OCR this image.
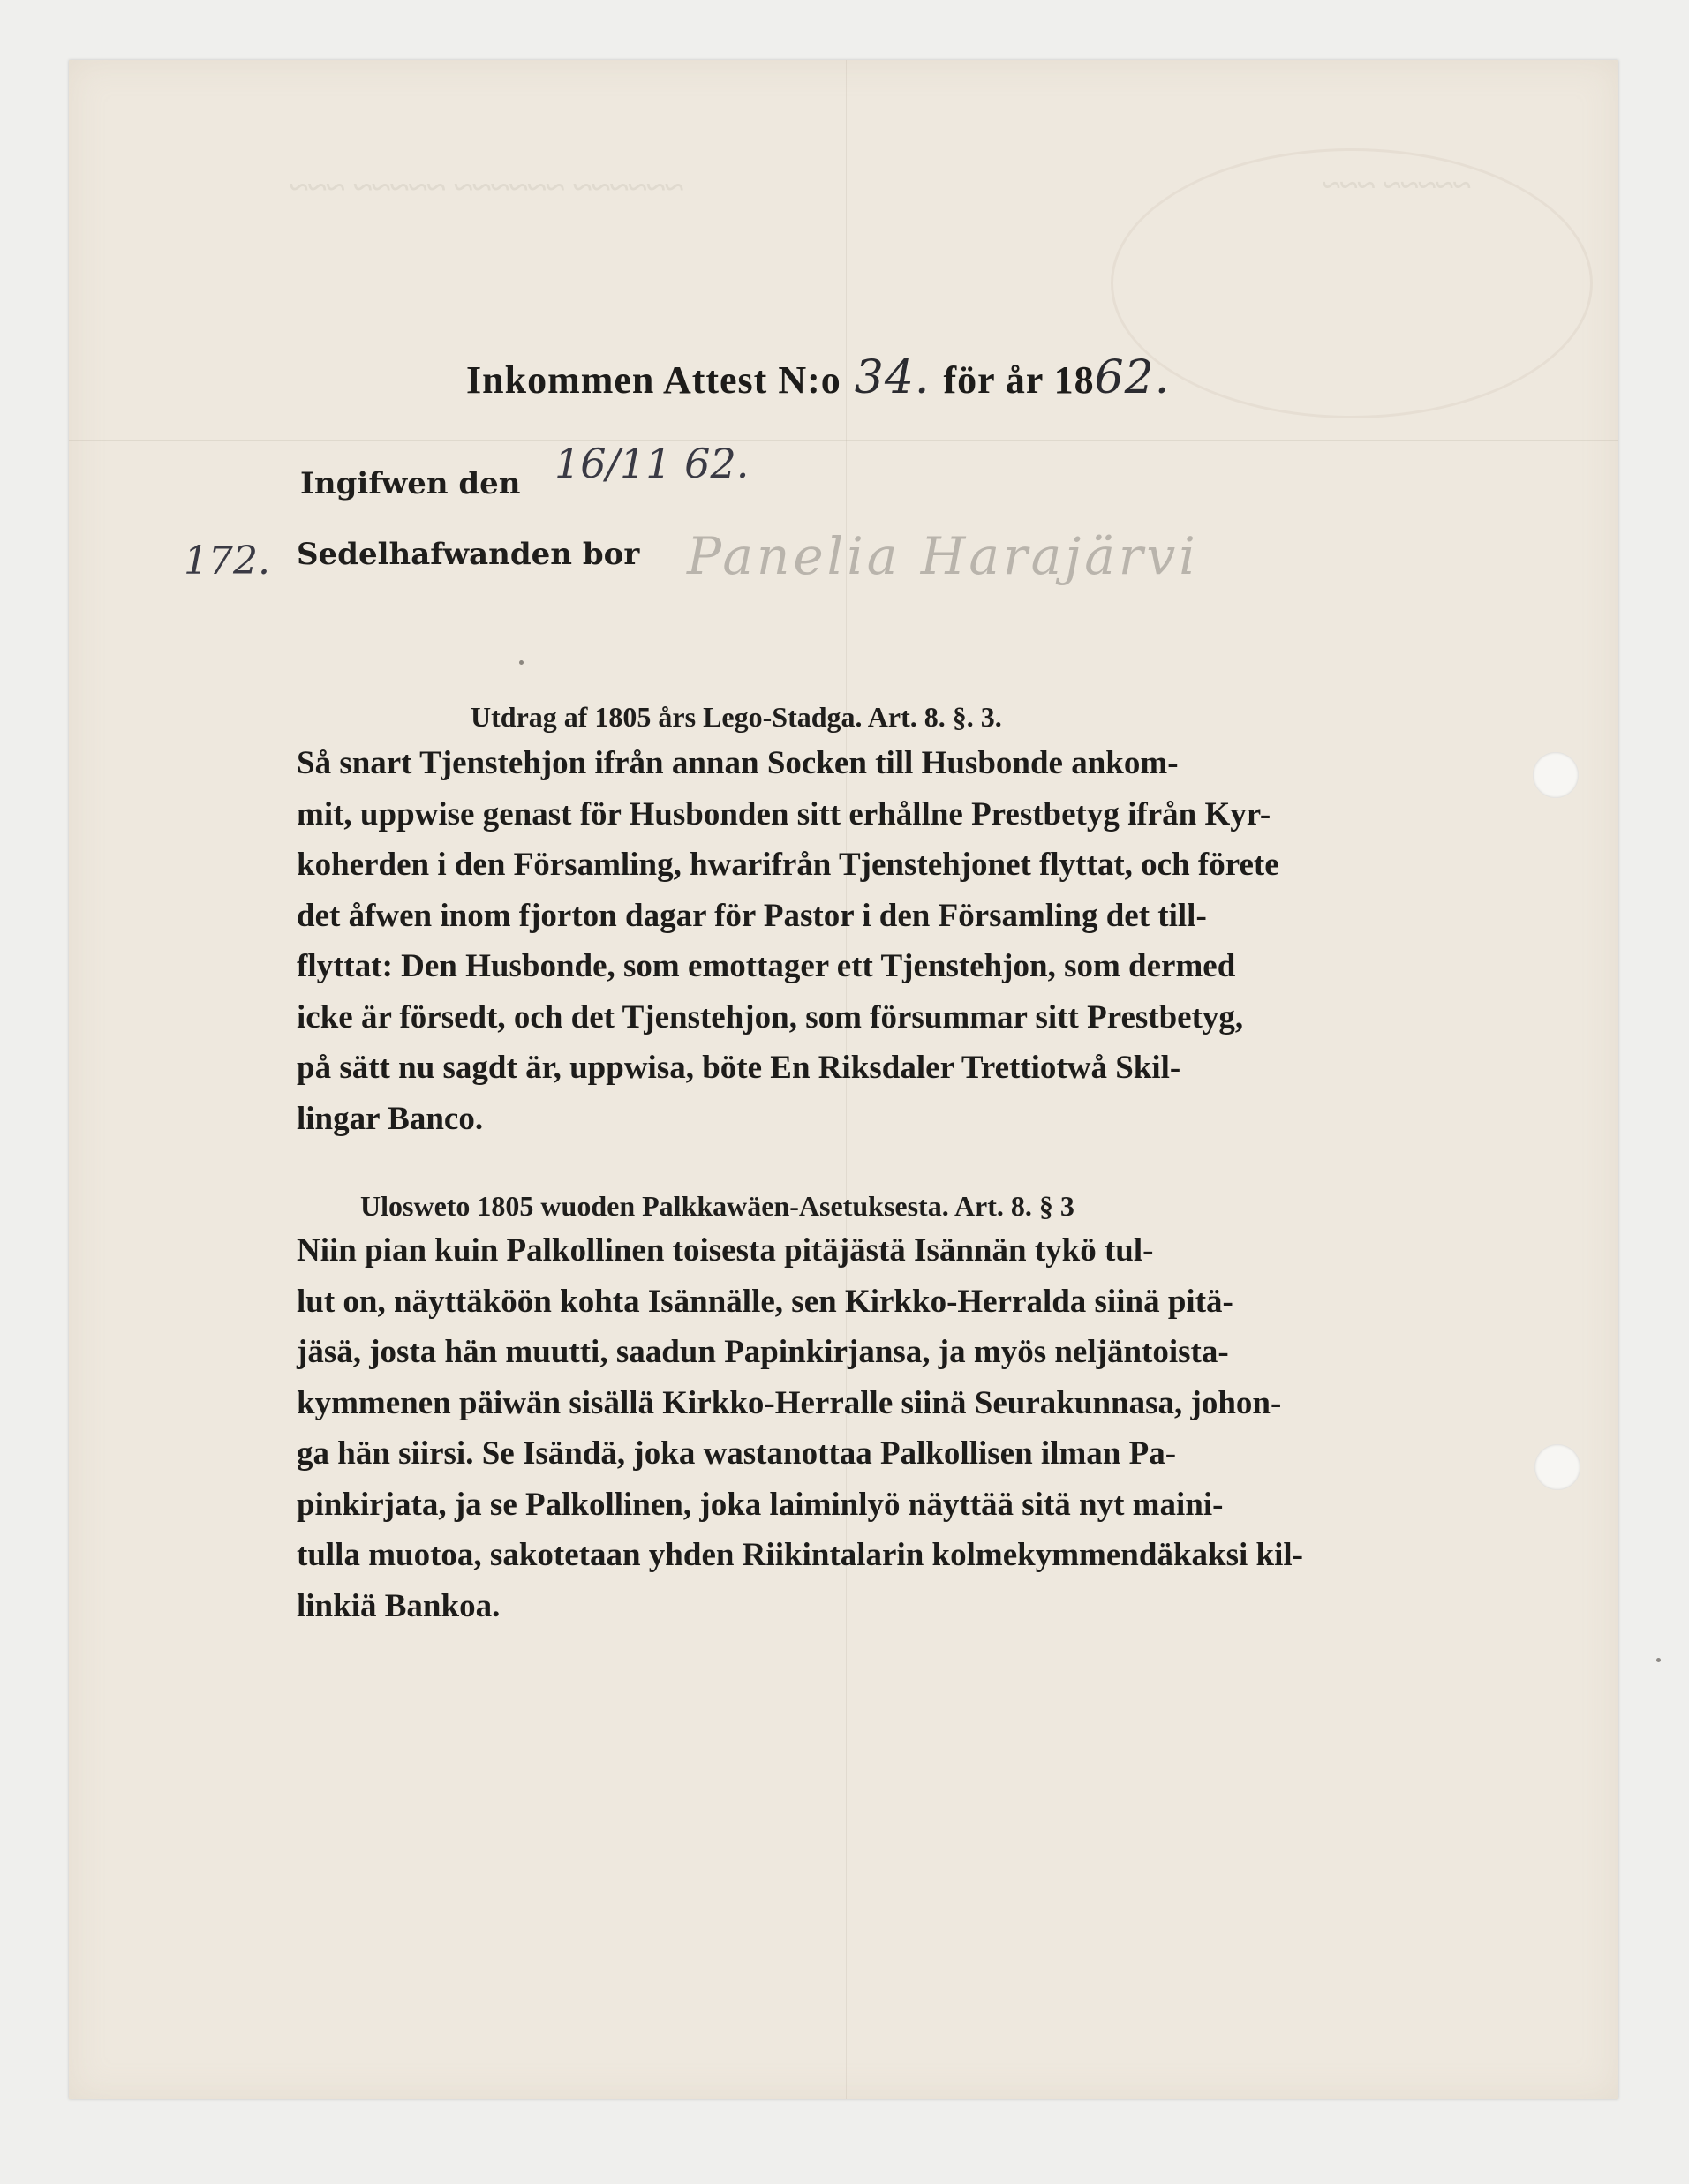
~~~~~~ ~~~~~~ ~~~~~ ~~~	~~~~~ ~~~
Inkommen Attest N:o 34. för år 1862.
16/11 62.
Ingifwen den
172. Sedelhafwanden bor Panelia Harajärvi
Utdrag af 1805 års Lego-Stadga. Art. 8. §. 3.
Så snart Tjenstehjon ifrån annan Socken till Husbonde ankom-
mit, uppwise genast för Husbonden sitt erhållne Prestbetyg ifrån Kyr-
koherden i den Församling, hwarifrån Tjenstehjonet flyttat, och förete
det åfwen inom fjorton dagar för Pastor i den Församling det till-
flyttat: Den Husbonde, som emottager ett Tjenstehjon, som dermed
icke är försedt, och det Tjenstehjon, som försummar sitt Prestbetyg,
på sätt nu sagdt är, uppwisa, böte En Riksdaler Trettiotwå Skil-
lingar Banco.
Ulosweto 1805 wuoden Palkkawäen-Asetuksesta. Art. 8. § 3
Niin pian kuin Palkollinen toisesta pitäjästä Isännän tykö tul-
lut on, näyttäköön kohta Isännälle, sen Kirkko-Herralda siinä pitä-
jäsä, josta hän muutti, saadun Papinkirjansa, ja myös neljäntoista-
kymmenen päiwän sisällä Kirkko-Herralle siinä Seurakunnasa, johon-
ga hän siirsi. Se Isändä, joka wastanottaa Palkollisen ilman Pa-
pinkirjata, ja se Palkollinen, joka laiminlyö näyttää sitä nyt maini-
tulla muotoa, sakotetaan yhden Riikintalarin kolmekymmendäkaksi kil-
linkiä Bankoa.
